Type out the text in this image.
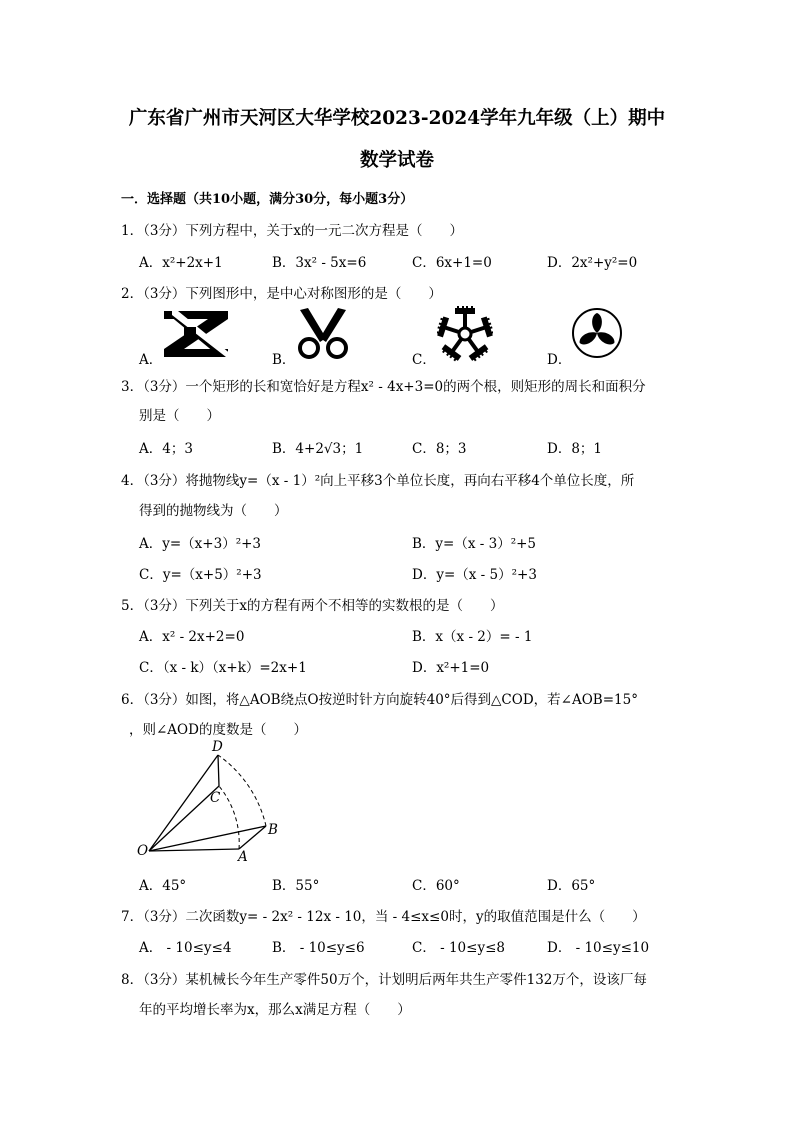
广东省广州市天河区大华学校2023-2024学年九年级（上）期中
数学试卷
一．选择题（共10小题，满分30分，每小题3分）
1．（3分）下列方程中，关于x的一元二次方程是（　　）
A．x²+2x+1	B．3x² - 5x=6	C．6x+1=0	D．2x²+y²=0
2．（3分）下列图形中，是中心对称图形的是（　　）
A．	B．	C．	D．
3．（3分）一个矩形的长和宽恰好是方程x² - 4x+3=0的两个根，则矩形的周长和面积分
别是（　　）
A．4；3	B．4+2√3；1	C．8；3	D．8；1
4．（3分）将抛物线y=（x - 1）²向上平移3个单位长度，再向右平移4个单位长度，所
得到的抛物线为（　　）
A．y=（x+3）²+3	B．y=（x - 3）²+5
C．y=（x+5）²+3	D．y=（x - 5）²+3
5．（3分）下列关于x的方程有两个不相等的实数根的是（　　）
A．x² - 2x+2=0	B．x（x - 2）= - 1
C．（x - k）（x+k）=2x+1	D．x²+1=0
6．（3分）如图，将△AOB绕点O按逆时针方向旋转40°后得到△COD，若∠AOB=15°
，则∠AOD的度数是（　　）
D
C
B
O	A
A．45°	B．55°	C．60°	D．65°
7．（3分）二次函数y= - 2x² - 12x - 10，当 - 4≤x≤0时，y的取值范围是什么（　　）
A． - 10≤y≤4	B． - 10≤y≤6	C． - 10≤y≤8	D． - 10≤y≤10
8．（3分）某机械长今年生产零件50万个，计划明后两年共生产零件132万个，设该厂每
年的平均增长率为x，那么x满足方程（　　）
